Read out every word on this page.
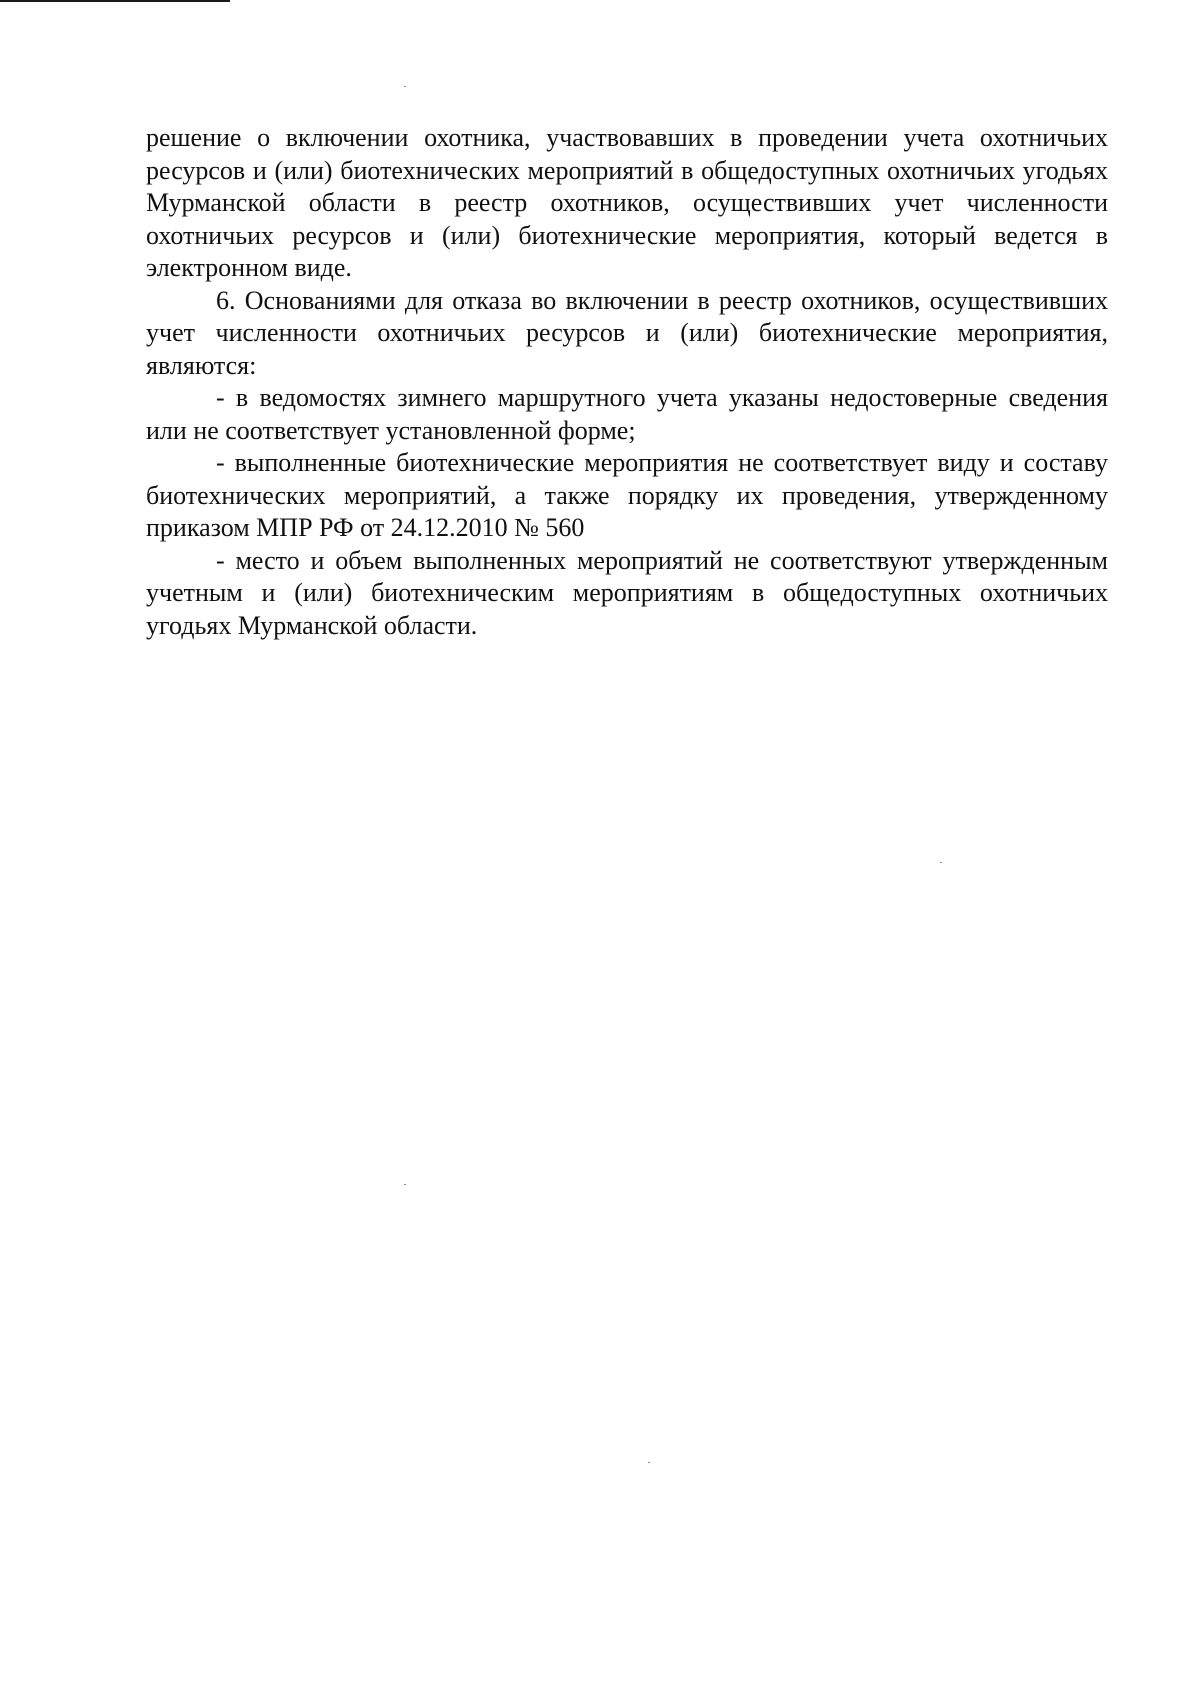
решение о включении охотника, участвовавших в проведении учета охотничьих ресурсов и (или) биотехнических мероприятий в общедоступных охотничьих угодьях Мурманской области в реестр охотников, осуществивших учет численности охотничьих ресурсов и (или) биотехнические мероприятия, который ведется в электронном виде.

6. Основаниями для отказа во включении в реестр охотников, осуществивших учет численности охотничьих ресурсов и (или) биотехнические мероприятия, являются:

- в ведомостях зимнего маршрутного учета указаны недостоверные сведения или не соответствует установленной форме;

- выполненные биотехнические мероприятия не соответствует виду и составу биотехнических мероприятий, а также порядку их проведения, утвержденному приказом МПР РФ от 24.12.2010 № 560

- место и объем выполненных мероприятий не соответствуют утвержденным учетным и (или) биотехническим мероприятиям в общедоступных охотничьих угодьях Мурманской области.
